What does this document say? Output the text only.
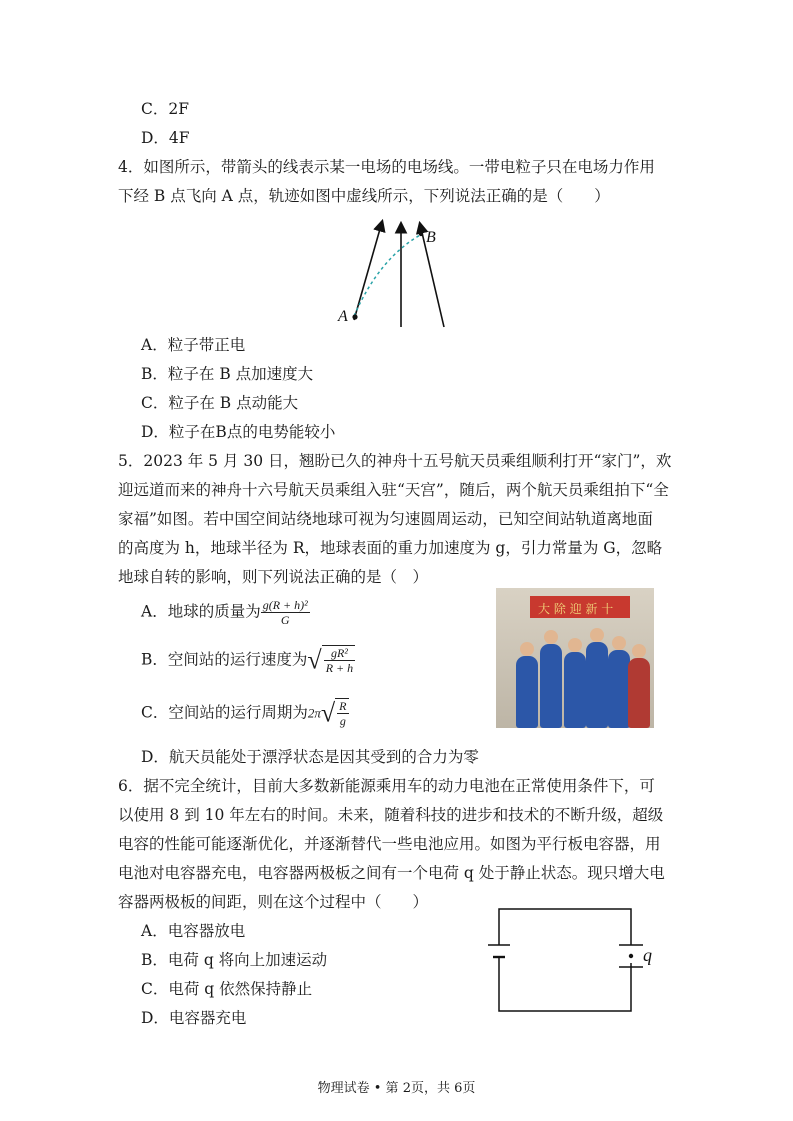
C．2F
D．4F
4．如图所示，带箭头的线表示某一电场的电场线。一带电粒子只在电场力作用
下经 B 点飞向 A 点，轨迹如图中虚线所示，下列说法正确的是（　　）
A
B
A．粒子带正电
B．粒子在 B 点加速度大
C．粒子在 B 点动能大
D．粒子在B点的电势能较小
5．2023 年 5 月 30 日，翘盼已久的神舟十五号航天员乘组顺利打开“家门”，欢
迎远道而来的神舟十六号航天员乘组入驻“天宫”，随后，两个航天员乘组拍下“全
家福”如图。若中国空间站绕地球可视为匀速圆周运动，已知空间站轨道离地面
的高度为 h，地球半径为 R，地球表面的重力加速度为 g，引力常量为 G，忽略
地球自转的影响，则下列说法正确的是（　）
A．地球的质量为 $\frac{\text{g(R + h)²}}{G}$
B．空间站的运行速度为√ $\frac{\text{gR²}}{R + h}$
C．空间站的运行周期为$2\pi√ \frac{R}{g}$
D．航天员能处于漂浮状态是因其受到的合力为零
大 除 迎 新 十
6．据不完全统计，目前大多数新能源乘用车的动力电池在正常使用条件下，可
以使用 8 到 10 年左右的时间。未来，随着科技的进步和技术的不断升级，超级
电容的性能可能逐渐优化，并逐渐替代一些电池应用。如图为平行板电容器，用
电池对电容器充电，电容器两极板之间有一个电荷 q 处于静止状态。现只增大电
容器两极板的间距，则在这个过程中（　　）
A．电容器放电
B．电荷 q 将向上加速运动
C．电荷 q 依然保持静止
D．电容器充电
q
物理试卷 • 第 2页，共 6页
